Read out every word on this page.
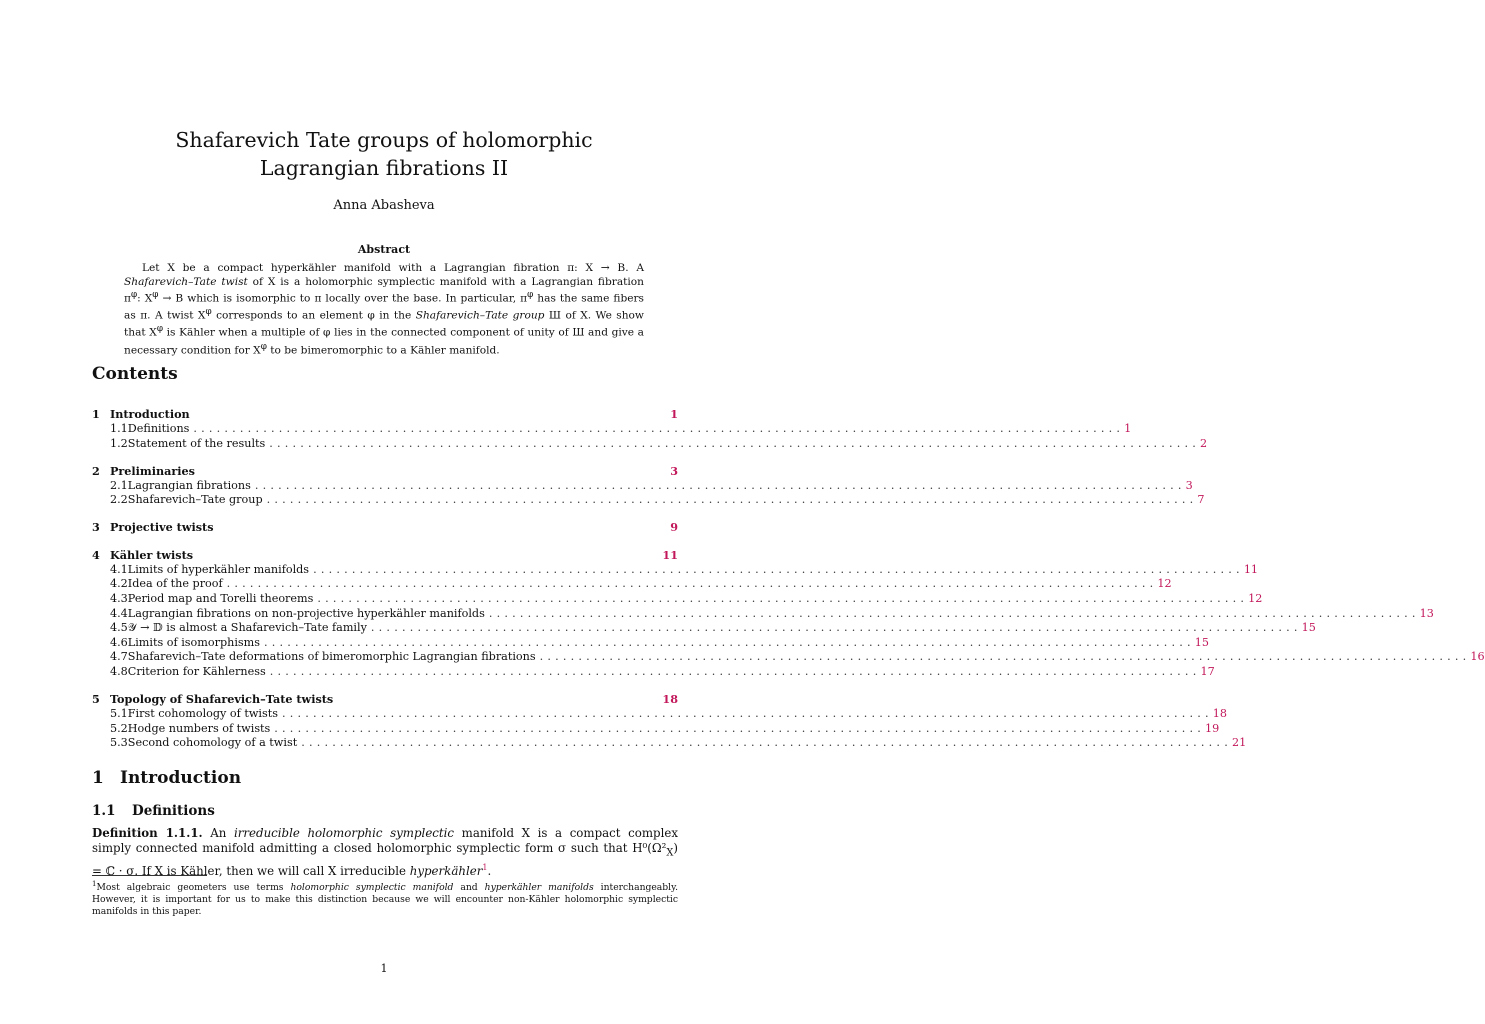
Shafarevich Tate groups of holomorphic
Lagrangian fibrations II
Anna Abasheva
Abstract
Let X be a compact hyperkähler manifold with a Lagrangian fibration π: X → B. A Shafarevich–Tate twist of X is a holomorphic symplectic manifold with a Lagrangian fibration $\pi^\varphi$: $X^\varphi \to B$ which is isomorphic to π locally over the base. In particular, $\pi^\varphi$ has the same fibers as π. A twist $X^\varphi$ corresponds to an element φ in the Shafarevich–Tate group Ш of X. We show that $X^\varphi$ is Kähler when a multiple of φ lies in the connected component of unity of Ш and give a necessary condition for $X^\varphi$ to be bimeromorphic to a Kähler manifold.
Contents
1 Introduction	1
1.1 Definitions ........................................................................................................................ 1
1.2 Statement of the results ........................................................................................................................ 2
2 Preliminaries	3
2.1 Lagrangian fibrations ........................................................................................................................ 3
2.2 Shafarevich–Tate group ........................................................................................................................ 7
3 Projective twists	9
4 Kähler twists	11
4.1 Limits of hyperkähler manifolds ........................................................................................................................ 11
4.2 Idea of the proof ........................................................................................................................ 12
4.3 Period map and Torelli theorems ........................................................................................................................ 12
4.4 Lagrangian fibrations on non-projective hyperkähler manifolds ........................................................................................................................ 13
4.5 𝒴 → 𝔻 is almost a Shafarevich–Tate family ........................................................................................................................ 15
4.6 Limits of isomorphisms ........................................................................................................................ 15
4.7 Shafarevich–Tate deformations of bimeromorphic Lagrangian fibrations ........................................................................................................................ 16
4.8 Criterion for Kählerness ........................................................................................................................ 17
5 Topology of Shafarevich–Tate twists	18
5.1 First cohomology of twists ........................................................................................................................ 18
5.2 Hodge numbers of twists ........................................................................................................................ 19
5.3 Second cohomology of a twist ........................................................................................................................ 21
1 Introduction
1.1 Definitions
Definition 1.1.1. An irreducible holomorphic symplectic manifold X is a compact complex simply connected manifold admitting a closed holomorphic symplectic form σ such that $H^0(\Omega^2_X)$ = ℂ · σ. If X is Kähler, then we will call X irreducible hyperkähler$^1$.
$^1$Most algebraic geometers use terms holomorphic symplectic manifold and hyperkähler manifolds interchangeably. However, it is important for us to make this distinction because we will encounter non-Kähler holomorphic symplectic manifolds in this paper.
1
